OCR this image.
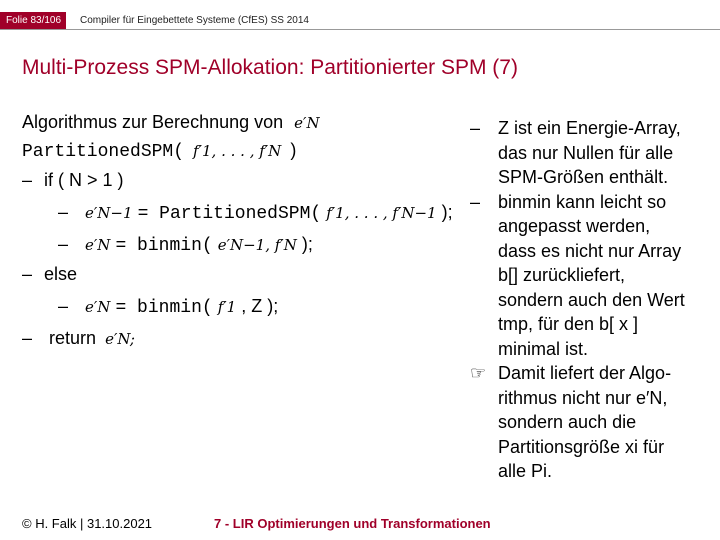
Folie 83/106	Compiler für Eingebettete Systeme (CfES) SS 2014
Multi-Prozess SPM-Allokation: Partitionierter SPM (7)
Algorithmus zur Berechnung von e′N
PartitionedSPM( f′1, . . . , f′N )
– if ( N > 1 )
– e′N−1 = PartitionedSPM( f′1, . . . , f′N−1 );
– e′N = binmin( e′N−1, f′N );
– else
– e′N = binmin( f′1 , Z );
– return e′N;
– Z ist ein Energie-Array,
das nur Nullen für alle
SPM-Größen enthält.
– binmin kann leicht so
angepasst werden,
dass es nicht nur Array
b[] zurückliefert,
sondern auch den Wert
tmp, für den b[ x ]
minimal ist.
☞ Damit liefert der Algo-
rithmus nicht nur e′N,
sondern auch die
Partitionsgröße xi für
alle Pi.
© H. Falk | 31.10.2021	7 - LIR Optimierungen und Transformationen
